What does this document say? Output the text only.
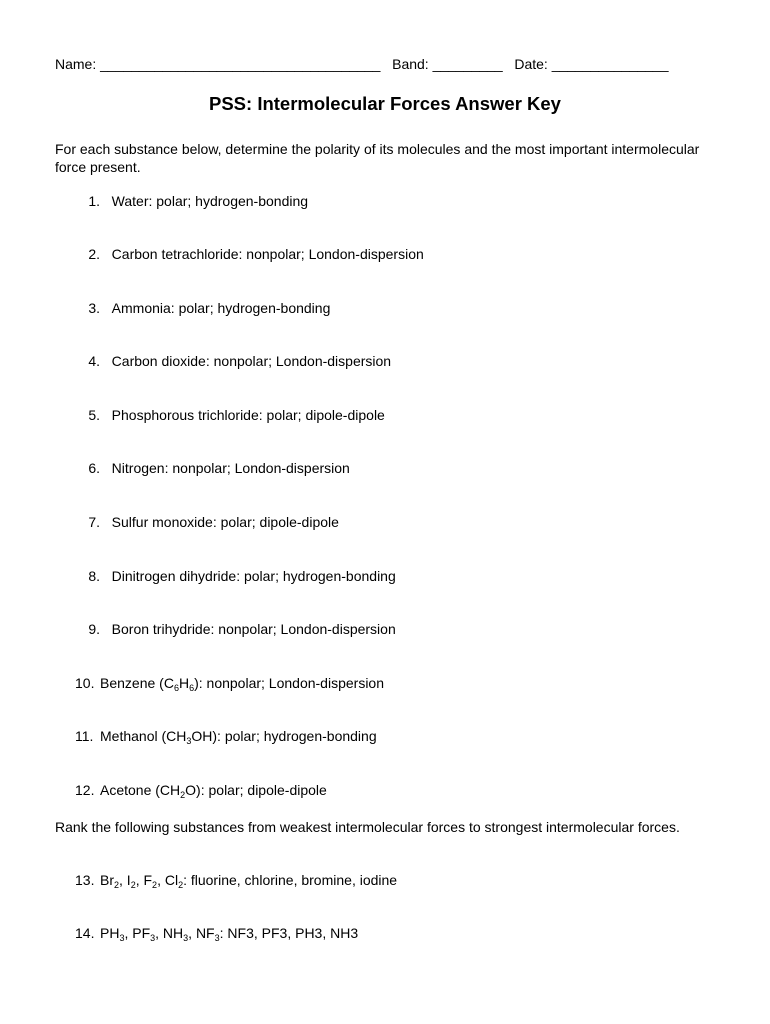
Name: ____________________________________ Band: _________ Date: _______________
PSS: Intermolecular Forces Answer Key
For each substance below, determine the polarity of its molecules and the most important intermolecular force present.
1. Water: polar; hydrogen-bonding
2. Carbon tetrachloride: nonpolar; London-dispersion
3. Ammonia: polar; hydrogen-bonding
4. Carbon dioxide: nonpolar; London-dispersion
5. Phosphorous trichloride: polar; dipole-dipole
6. Nitrogen: nonpolar; London-dispersion
7. Sulfur monoxide: polar; dipole-dipole
8. Dinitrogen dihydride: polar; hydrogen-bonding
9. Boron trihydride: nonpolar; London-dispersion
10. Benzene $(C_6H_6)$: nonpolar; London-dispersion
11. Methanol $(CH_3OH)$: polar; hydrogen-bonding
12. Acetone $(CH_2O)$: polar; dipole-dipole
Rank the following substances from weakest intermolecular forces to strongest intermolecular forces.
13. $Br_2$, $I_2$, $F_2$, $Cl_2$: fluorine, chlorine, bromine, iodine
14. $PH_3$, $PF_3$, $NH_3$, $NF_3$: NF3, PF3, PH3, NH3
